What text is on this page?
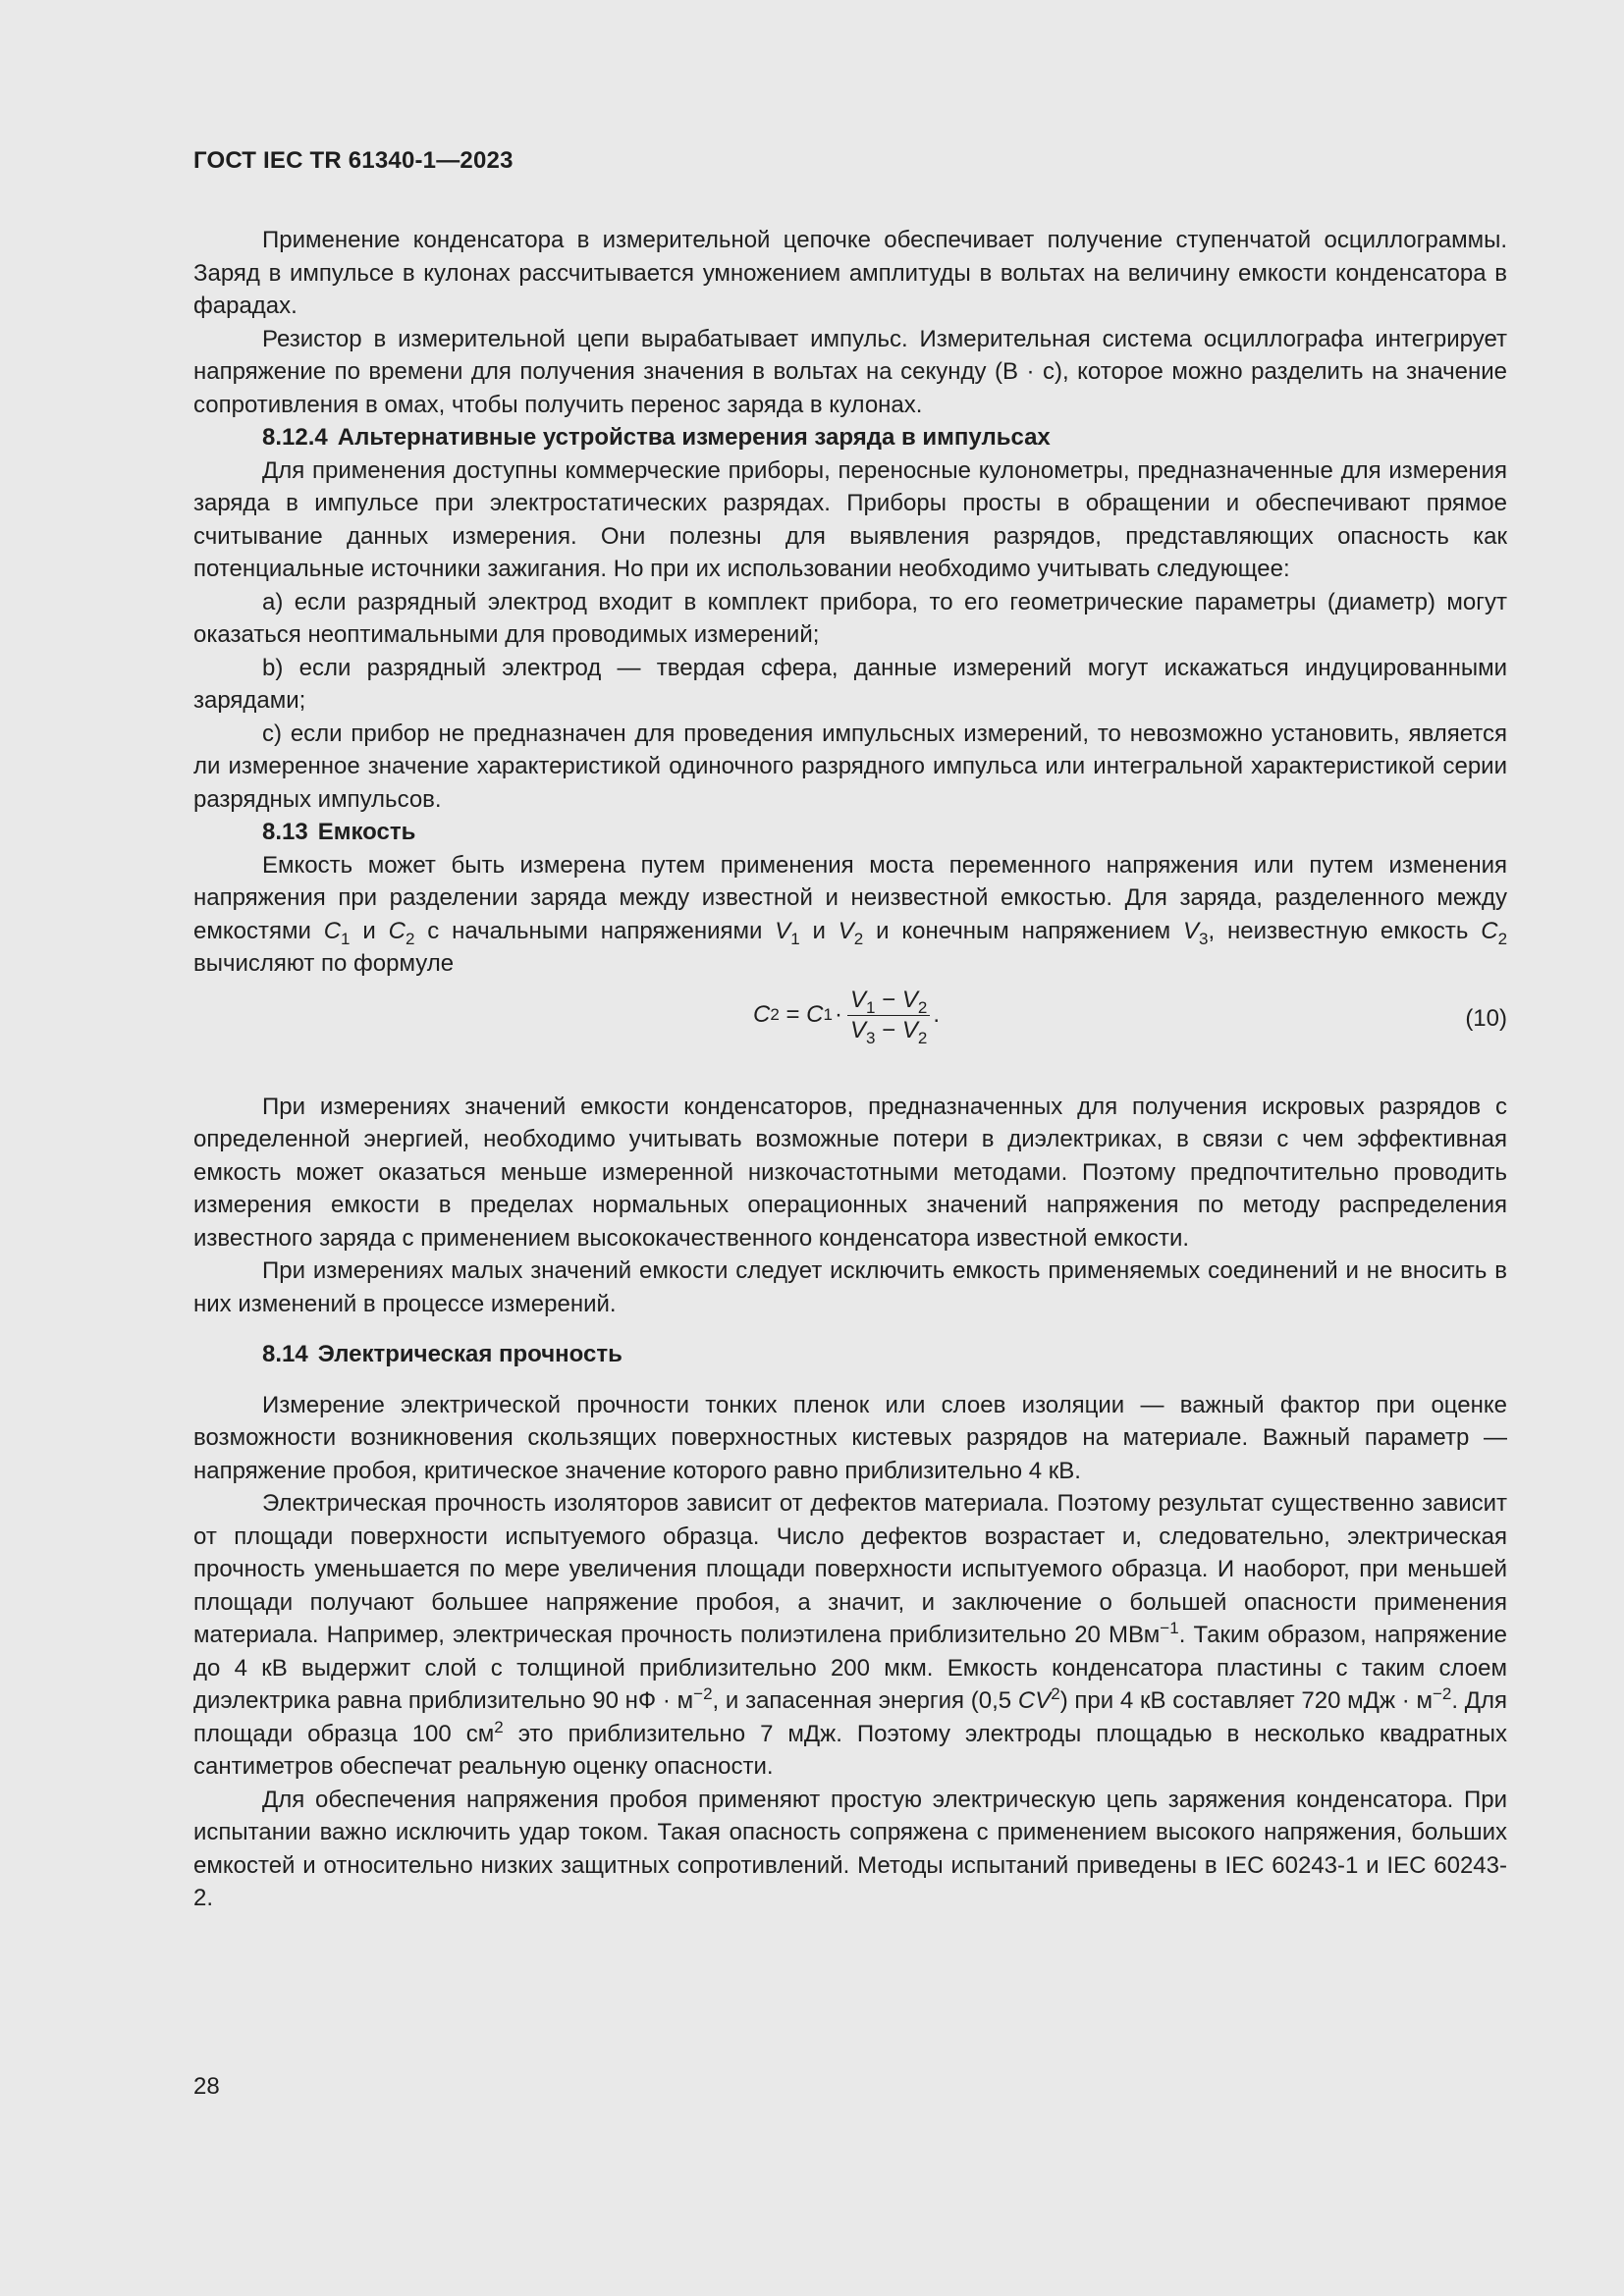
ГОСТ IEC TR 61340-1—2023

Применение конденсатора в измерительной цепочке обеспечивает получение ступенчатой осциллограммы. Заряд в импульсе в кулонах рассчитывается умножением амплитуды в вольтах на величину емкости конденсатора в фарадах.

Резистор в измерительной цепи вырабатывает импульс. Измерительная система осциллографа интегрирует напряжение по времени для получения значения в вольтах на секунду (В · с), которое можно разделить на значение сопротивления в омах, чтобы получить перенос заряда в кулонах.

8.12.4 Альтернативные устройства измерения заряда в импульсах

Для применения доступны коммерческие приборы, переносные кулонометры, предназначенные для измерения заряда в импульсе при электростатических разрядах. Приборы просты в обращении и обеспечивают прямое считывание данных измерения. Они полезны для выявления разрядов, представляющих опасность как потенциальные источники зажигания. Но при их использовании необходимо учитывать следующее:

a) если разрядный электрод входит в комплект прибора, то его геометрические параметры (диаметр) могут оказаться неоптимальными для проводимых измерений;

b) если разрядный электрод — твердая сфера, данные измерений могут искажаться индуцированными зарядами;

c) если прибор не предназначен для проведения импульсных измерений, то невозможно установить, является ли измеренное значение характеристикой одиночного разрядного импульса или интегральной характеристикой серии разрядных импульсов.

8.13 Емкость

Емкость может быть измерена путем применения моста переменного напряжения или путем изменения напряжения при разделении заряда между известной и неизвестной емкостью. Для заряда, разделенного между емкостями $C_1$ и $C_2$ с начальными напряжениями $V_1$ и $V_2$ и конечным напряжением $V_3$, неизвестную емкость $C_2$ вычисляют по формуле

C 2 = C $1 \cdot \frac{V_1 - V_2}{V_3 - V_2}$ .	(10)

При измерениях значений емкости конденсаторов, предназначенных для получения искровых разрядов с определенной энергией, необходимо учитывать возможные потери в диэлектриках, в связи с чем эффективная емкость может оказаться меньше измеренной низкочастотными методами. Поэтому предпочтительно проводить измерения емкости в пределах нормальных операционных значений напряжения по методу распределения известного заряда с применением высококачественного конденсатора известной емкости.

При измерениях малых значений емкости следует исключить емкость применяемых соединений и не вносить в них изменений в процессе измерений.

8.14 Электрическая прочность

Измерение электрической прочности тонких пленок или слоев изоляции — важный фактор при оценке возможности возникновения скользящих поверхностных кистевых разрядов на материале. Важный параметр — напряжение пробоя, критическое значение которого равно приблизительно 4 кВ.

Электрическая прочность изоляторов зависит от дефектов материала. Поэтому результат существенно зависит от площади поверхности испытуемого образца. Число дефектов возрастает и, следовательно, электрическая прочность уменьшается по мере увеличения площади поверхности испытуемого образца. И наоборот, при меньшей площади получают большее напряжение пробоя, а значит, и заключение о большей опасности применения материала. Например, электрическая прочность полиэтилена приблизительно 20 МВм$^{-1}$. Таким образом, напряжение до 4 кВ выдержит слой с толщиной приблизительно 200 мкм. Емкость конденсатора пластины с таким слоем диэлектрика равна приблизительно 90 нФ · $м^{-2}$, и запасенная энергия (0,5 $CV^2$) при 4 кВ составляет 720 мДж · $м^{-2}$. Для площади образца 100 $см^2$ это приблизительно 7 мДж. Поэтому электроды площадью в несколько квадратных сантиметров обеспечат реальную оценку опасности.

Для обеспечения напряжения пробоя применяют простую электрическую цепь заряжения конденсатора. При испытании важно исключить удар током. Такая опасность сопряжена с применением высокого напряжения, больших емкостей и относительно низких защитных сопротивлений. Методы испытаний приведены в IEC 60243-1 и IEC 60243-2.

28
